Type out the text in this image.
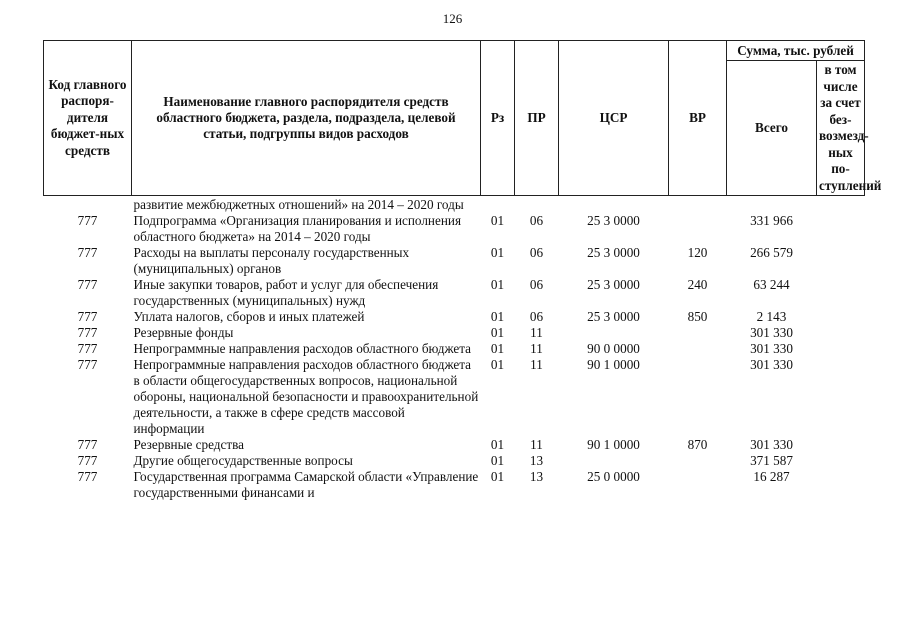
126
Код главного распоря-дителя бюджет-ных средств	Наименование главного распорядителя средств областного бюджета, раздела, подраздела, целевой статьи, подгруппы видов расходов	Рз	ПР	ЦСР	ВР	Сумма, тыс. рублей	
						Всего	в том числе за счет без-возмезд-ных по-ступлений
	развитие межбюджетных отношений» на 2014 – 2020 годы						
777	Подпрограмма «Организация планирования и исполнения областного бюджета» на 2014 – 2020 годы	01	06	25 3 0000		331 966	
777	Расходы на выплаты персоналу государственных (муниципальных) органов	01	06	25 3 0000	120	266 579	
777	Иные закупки товаров, работ и услуг для обеспечения государственных (муниципальных) нужд	01	06	25 3 0000	240	63 244	
777	Уплата налогов, сборов и иных платежей	01	06	25 3 0000	850	2 143	
777	Резервные фонды	01	11			301 330	
777	Непрограммные направления расходов областного бюджета	01	11	90 0 0000		301 330	
777	Непрограммные направления расходов областного бюджета в области общегосударственных вопросов, национальной обороны, национальной безопасности и правоохранительной деятельности, а также в сфере средств массовой информации	01	11	90 1 0000		301 330	
777	Резервные средства	01	11	90 1 0000	870	301 330	
777	Другие общегосударственные вопросы	01	13			371 587	
777	Государственная программа Самарской области «Управление государственными финансами и	01	13	25 0 0000		16 287	
